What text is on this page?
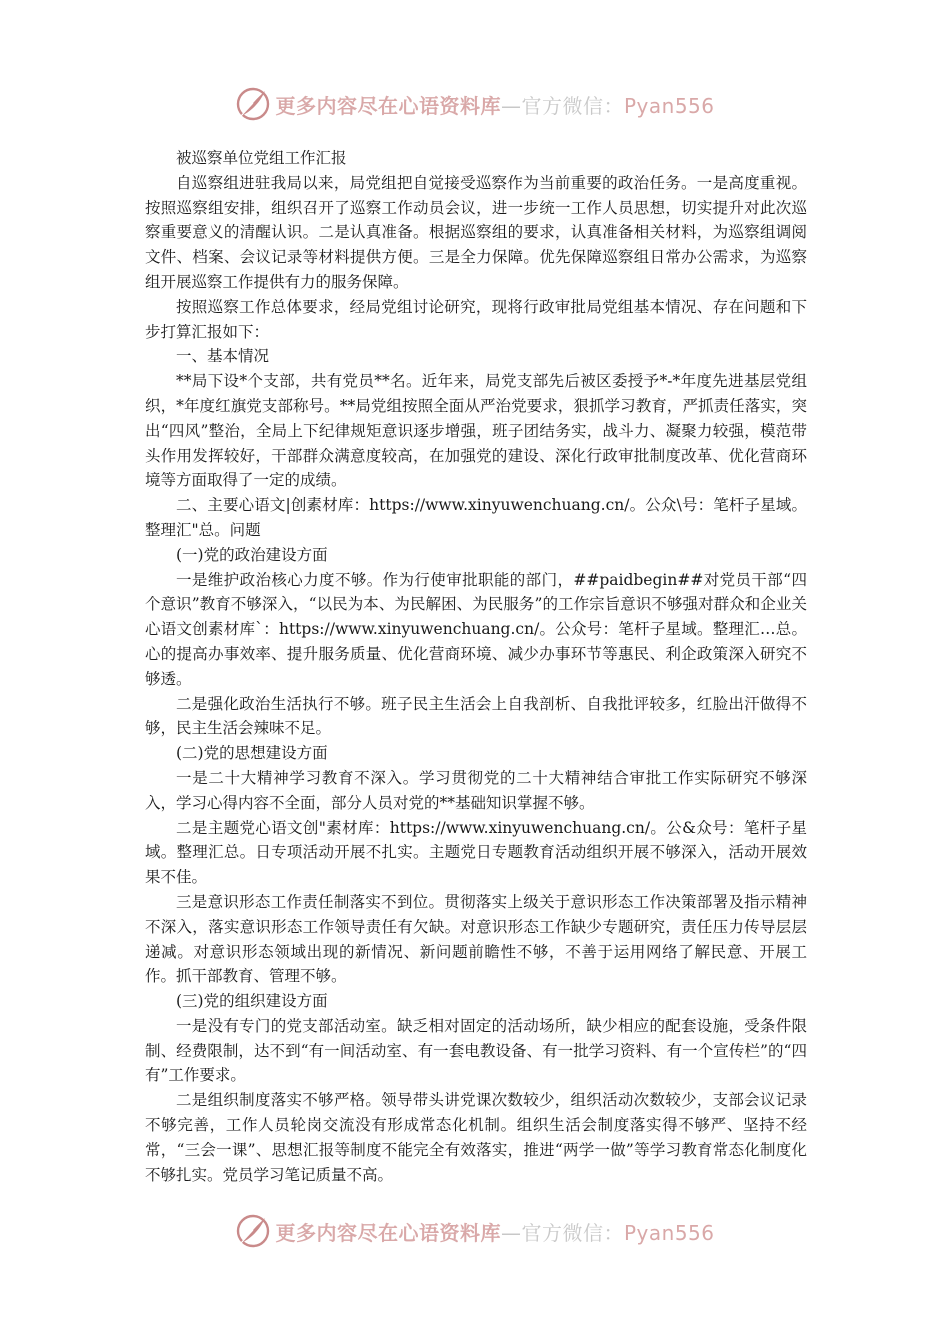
更多内容尽在心语资料库—官方微信：Pyan556

被巡察单位党组工作汇报

自巡察组进驻我局以来，局党组把自觉接受巡察作为当前重要的政治任务。一是高度重视。按照巡察组安排，组织召开了巡察工作动员会议，进一步统一工作人员思想，切实提升对此次巡察重要意义的清醒认识。二是认真准备。根据巡察组的要求，认真准备相关材料，为巡察组调阅文件、档案、会议记录等材料提供方便。三是全力保障。优先保障巡察组日常办公需求，为巡察组开展巡察工作提供有力的服务保障。

按照巡察工作总体要求，经局党组讨论研究，现将行政审批局党组基本情况、存在问题和下步打算汇报如下：

一、基本情况

**局下设*个支部，共有党员**名。近年来，局党支部先后被区委授予*-*年度先进基层党组织，*年度红旗党支部称号。**局党组按照全面从严治党要求，狠抓学习教育，严抓责任落实，突出“四风”整治，全局上下纪律规矩意识逐步增强，班子团结务实，战斗力、凝聚力较强，模范带头作用发挥较好，干部群众满意度较高，在加强党的建设、深化行政审批制度改革、优化营商环境等方面取得了一定的成绩。

二、主要心语文|创素材库：https://www.xinyuwenchuang.cn/。公众\号：笔杆子星域。整理汇"总。问题

(一)党的政治建设方面

一是维护政治核心力度不够。作为行使审批职能的部门，##paidbegin##对党员干部“四个意识”教育不够深入，“以民为本、为民解困、为民服务”的工作宗旨意识不够强对群众和企业关心语文创素材库`：https://www.xinyuwenchuang.cn/。公众号：笔杆子星域。整理汇…总。心的提高办事效率、提升服务质量、优化营商环境、减少办事环节等惠民、利企政策深入研究不够透。

二是强化政治生活执行不够。班子民主生活会上自我剖析、自我批评较多，红脸出汗做得不够，民主生活会辣味不足。

(二)党的思想建设方面

一是二十大精神学习教育不深入。学习贯彻党的二十大精神结合审批工作实际研究不够深入，学习心得内容不全面，部分人员对党的**基础知识掌握不够。

二是主题党心语文创"素材库：https://www.xinyuwenchuang.cn/。公&众号：笔杆子星域。整理汇总。日专项活动开展不扎实。主题党日专题教育活动组织开展不够深入，活动开展效果不佳。

三是意识形态工作责任制落实不到位。贯彻落实上级关于意识形态工作决策部署及指示精神不深入，落实意识形态工作领导责任有欠缺。对意识形态工作缺少专题研究，责任压力传导层层递减。对意识形态领域出现的新情况、新问题前瞻性不够，不善于运用网络了解民意、开展工作。抓干部教育、管理不够。

(三)党的组织建设方面

一是没有专门的党支部活动室。缺乏相对固定的活动场所，缺少相应的配套设施，受条件限制、经费限制，达不到“有一间活动室、有一套电教设备、有一批学习资料、有一个宣传栏”的“四有”工作要求。

二是组织制度落实不够严格。领导带头讲党课次数较少，组织活动次数较少，支部会议记录不够完善，工作人员轮岗交流没有形成常态化机制。组织生活会制度落实得不够严、坚持不经常，“三会一课”、思想汇报等制度不能完全有效落实，推进“两学一做”等学习教育常态化制度化不够扎实。党员学习笔记质量不高。

更多内容尽在心语资料库—官方微信：Pyan556
